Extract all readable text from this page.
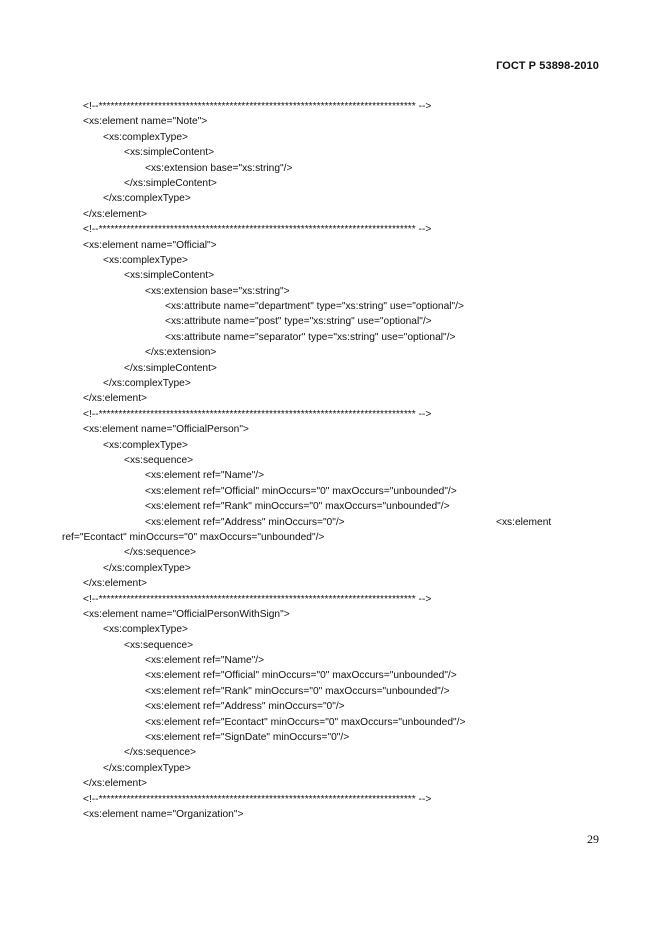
ГОСТ Р 53898-2010
<!--******************************************************************************** -->
<xs:element name="Note">
<xs:complexType>
<xs:simpleContent>
<xs:extension base="xs:string"/>
</xs:simpleContent>
</xs:complexType>
</xs:element>
<!--******************************************************************************** -->
<xs:element name="Official">
<xs:complexType>
<xs:simpleContent>
<xs:extension base="xs:string">
<xs:attribute name="department" type="xs:string" use="optional"/>
<xs:attribute name="post" type="xs:string" use="optional"/>
<xs:attribute name="separator" type="xs:string" use="optional"/>
</xs:extension>
</xs:simpleContent>
</xs:complexType>
</xs:element>
<!--******************************************************************************** -->
<xs:element name="OfficialPerson">
<xs:complexType>
<xs:sequence>
<xs:element ref="Name"/>
<xs:element ref="Official" minOccurs="0" maxOccurs="unbounded"/>
<xs:element ref="Rank" minOccurs="0" maxOccurs="unbounded"/>
<xs:element ref="Address" minOccurs="0"/>	<xs:element
ref="Econtact" minOccurs="0" maxOccurs="unbounded"/>
</xs:sequence>
</xs:complexType>
</xs:element>
<!--******************************************************************************** -->
<xs:element name="OfficialPersonWithSign">
<xs:complexType>
<xs:sequence>
<xs:element ref="Name"/>
<xs:element ref="Official" minOccurs="0" maxOccurs="unbounded"/>
<xs:element ref="Rank" minOccurs="0" maxOccurs="unbounded"/>
<xs:element ref="Address" minOccurs="0"/>
<xs:element ref="Econtact" minOccurs="0" maxOccurs="unbounded"/>
<xs:element ref="SignDate" minOccurs="0"/>
</xs:sequence>
</xs:complexType>
</xs:element>
<!--******************************************************************************** -->
<xs:element name="Organization">
29
